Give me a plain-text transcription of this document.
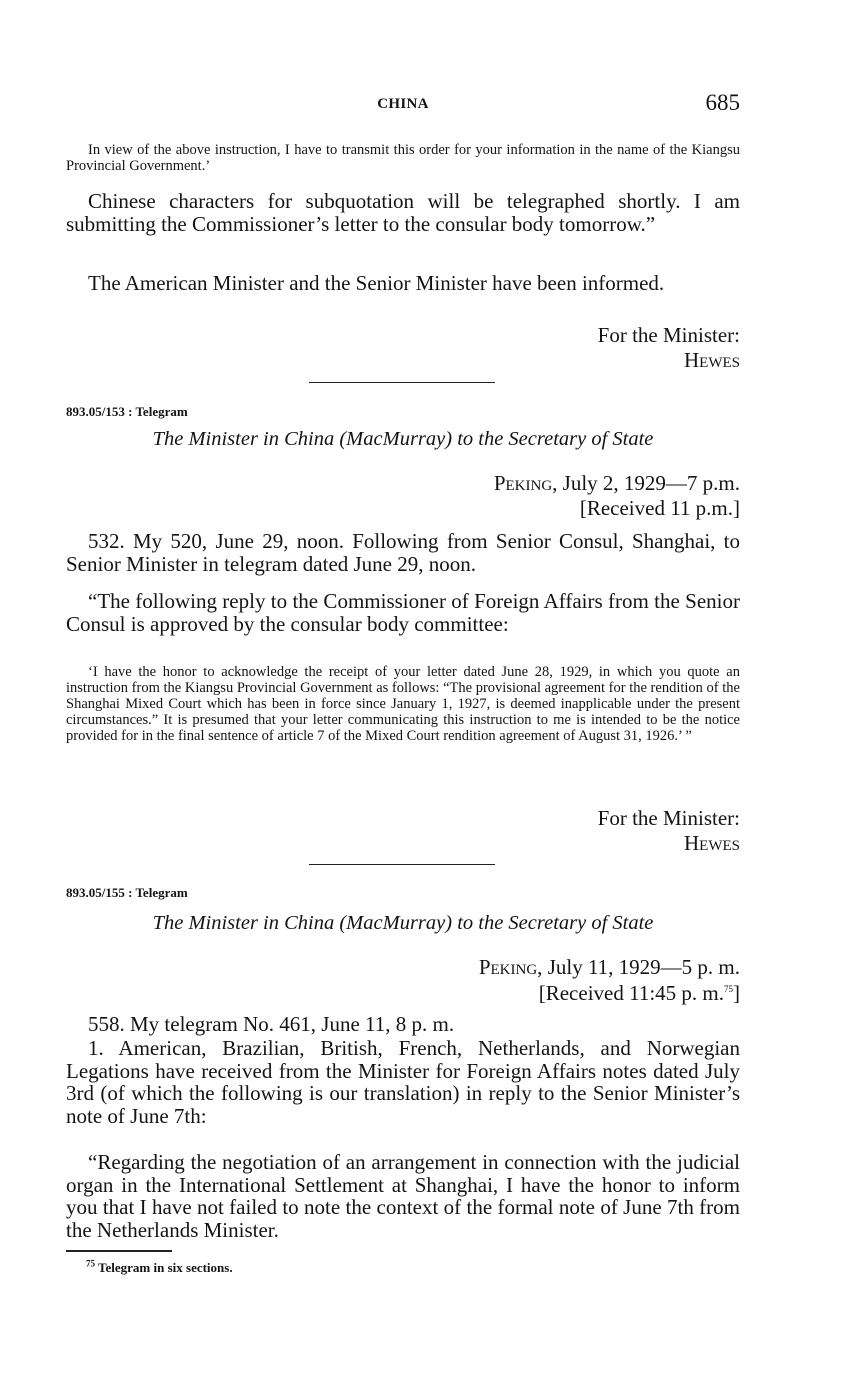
CHINA	685
In view of the above instruction, I have to transmit this order for your information in the name of the Kiangsu Provincial Government.’
Chinese characters for subquotation will be telegraphed shortly. I am submitting the Commissioner’s letter to the consular body tomorrow.”
The American Minister and the Senior Minister have been informed.
For the Minister:
Hewes
893.05/153 : Telegram
The Minister in China (MacMurray) to the Secretary of State
Peking, July 2, 1929—7 p.m.
[Received 11 p.m.]
532. My 520, June 29, noon. Following from Senior Consul, Shanghai, to Senior Minister in telegram dated June 29, noon.
“The following reply to the Commissioner of Foreign Affairs from the Senior Consul is approved by the consular body committee:
‘I have the honor to acknowledge the receipt of your letter dated June 28, 1929, in which you quote an instruction from the Kiangsu Provincial Government as follows: “The provisional agreement for the rendition of the Shanghai Mixed Court which has been in force since January 1, 1927, is deemed inapplicable under the present circumstances.” It is presumed that your letter communicating this instruction to me is intended to be the notice provided for in the final sentence of article 7 of the Mixed Court rendition agreement of August 31, 1926.’ ”
For the Minister:
Hewes
893.05/155 : Telegram
The Minister in China (MacMurray) to the Secretary of State
Peking, July 11, 1929—5 p. m.
[Received 11:45 p. m.$^{75}$]
558. My telegram No. 461, June 11, 8 p. m.
1. American, Brazilian, British, French, Netherlands, and Norwegian Legations have received from the Minister for Foreign Affairs notes dated July 3rd (of which the following is our translation) in reply to the Senior Minister’s note of June 7th:
“Regarding the negotiation of an arrangement in connection with the judicial organ in the International Settlement at Shanghai, I have the honor to inform you that I have not failed to note the context of the formal note of June 7th from the Netherlands Minister.
$^{75}$ Telegram in six sections.
